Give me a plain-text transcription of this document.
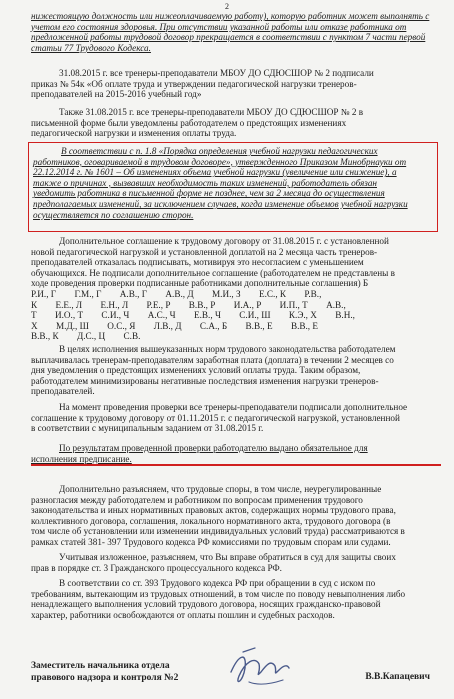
2
нижестоящую должность или нижеоплачиваемую работу), которую работник может выполнять с
учетом его состояния здоровья. При отсутствии указанной работы или отказе работника от
предложенной работы трудовой договор прекращается в соответствии с пунктом 7 части первой
статьи 77 Трудового Кодекса.
31.08.2015 г. все тренеры-преподаватели МБОУ ДО СДЮСШОР № 2 подписали
приказ № 54к «Об оплате труда и утверждении педагогической нагрузки тренеров-
преподавателей на 2015-2016 учебный год»
Также 31.08.2015 г. все тренеры-преподаватели МБОУ ДО СДЮСШОР № 2 в
письменной форме были уведомлены работодателем о предстоящих изменениях
педагогической нагрузки и изменения оплаты труда.
В соответствии с п. 1.8 «Порядка определения учебной нагрузки педагогических
работников, оговариваемой в трудовом договоре», утвержденного Приказом Минобрнауки от
22.12.2014 г. № 1601 – Об изменениях объема учебной нагрузки (увеличение или снижение), а
также о причинах , вызвавших необходимость таких изменений, работодатель обязан
уведомить работника в письменной форме не позднее, чем за 2 месяца до осуществления
предполагаемых изменений, за исключением случаев, когда изменение объемов учебной нагрузки
осуществляется по соглашению сторон.
Дополнительное соглашение к трудовому договору от 31.08.2015 г. с установленной
новой педагогической нагрузкой и установленной доплатой на 2 месяца часть тренеров-
преподавателей отказалась подписывать, мотивируя это несогласием с уменьшением
обучающихся. Не подписали дополнительное соглашение (работодателем не представлены в
ходе проведения проверки подписанные работниками дополнительные соглашения) Б
Р.И., Г        Г.М., Г        А.В., Г        А.В., Д        М.И., З        Е.С., К        Р.В.,
К        Е.Е., Л        Е.Н., Л        Р.Е., Р        В.В., Р        И.А., Р        И.П., Т        А.В.,
Т        И.О., Т        С.И., Ч        А.С., Ч        Е.В., Ч        С.И., Ш        К.Э., Х        В.Н.,
Х        М.Д., Ш        О.С., Я        Л.В., Д        С.А., Б        В.В., Е        В.В., Е
В.В., К        Д.С., Ц        С.В.
В целях исполнения вышеуказанных норм трудового законодательства работодателем
выплачивалась тренерам-преподавателям заработная плата (доплата) в течении 2 месяцев со
дня уведомления о предстоящих изменениях условий оплаты труда. Таким образом,
работодателем минимизированы негативные последствия изменения нагрузки тренеров-
преподавателей.
На момент проведения проверки все тренеры-преподаватели подписали дополнительное
соглашение к трудовому договору от 01.11.2015 г. с педагогической нагрузкой, установленной
в соответствии с муниципальным заданием от 31.08.2015 г.
По результатам проведенной проверки работодателю выдано обязательное для
исполнения предписание.
Дополнительно разъясняем, что трудовые споры, в том числе, неурегулированные
разногласия между работодателем и работником по вопросам применения трудового
законодательства и иных нормативных правовых актов, содержащих нормы трудового права,
коллективного договора, соглашения, локального нормативного акта, трудового договора (в
том числе об установлении или изменении индивидуальных условий труда) рассматриваются в
рамках статей 381- 397 Трудового кодекса РФ комиссиями по трудовым спорам или судами.
Учитывая изложенное, разъясняем, что Вы вправе обратиться в суд для защиты своих
прав в порядке ст. 3 Гражданского процессуального кодекса РФ.
В соответствии со ст. 393 Трудового кодекса РФ при обращении в суд с иском по
требованиям, вытекающим из трудовых отношений, в том числе по поводу невыполнения либо
ненадлежащего выполнения условий трудового договора, носящих гражданско-правовой
характер, работники освобождаются от оплаты пошлин и судебных расходов.
Заместитель начальника отдела
правового надзора и контроля №2	В.В.Капацевич
